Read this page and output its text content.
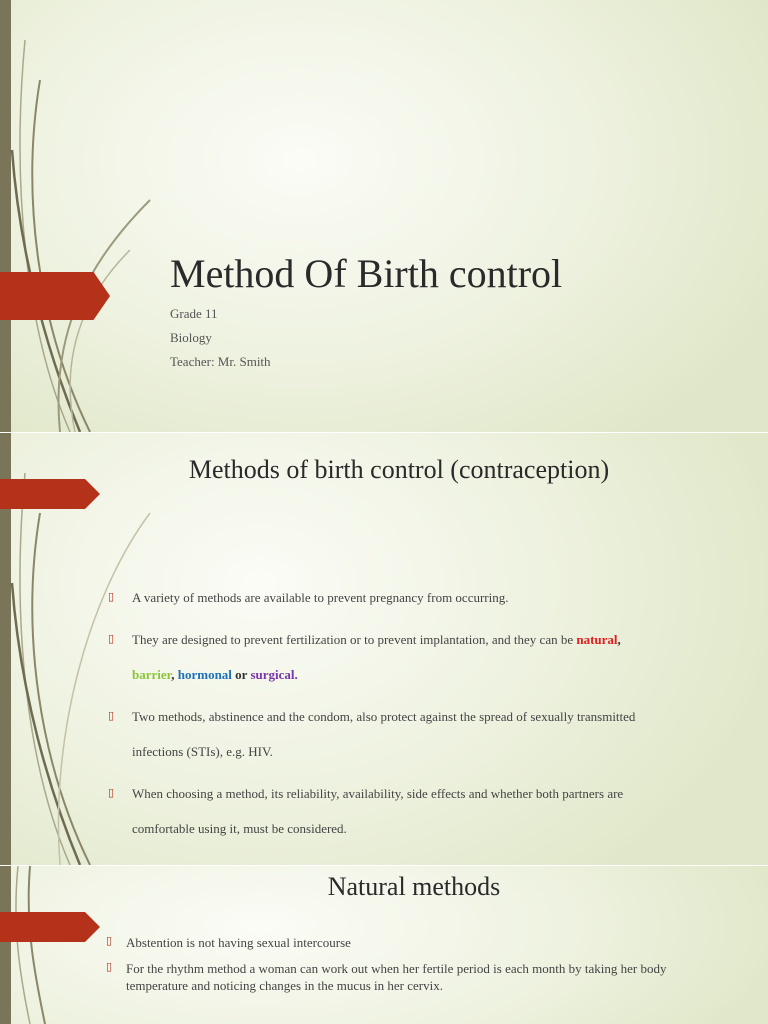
Method Of Birth control
Grade 11
Biology
Teacher: Mr. Smith
Methods of birth control (contraception)
▯ A variety of methods are available to prevent pregnancy from occurring.
▯ They are designed to prevent fertilization or to prevent implantation, and they can be natural,
barrier, hormonal or surgical.
▯ Two methods, abstinence and the condom, also protect against the spread of sexually transmitted
infections (STIs), e.g. HIV.
▯ When choosing a method, its reliability, availability, side effects and whether both partners are
comfortable using it, must be considered.
Natural methods
▯ Abstention is not having sexual intercourse
▯ For the rhythm method a woman can work out when her fertile period is each month by taking her body temperature and noticing changes in the mucus in her cervix.
